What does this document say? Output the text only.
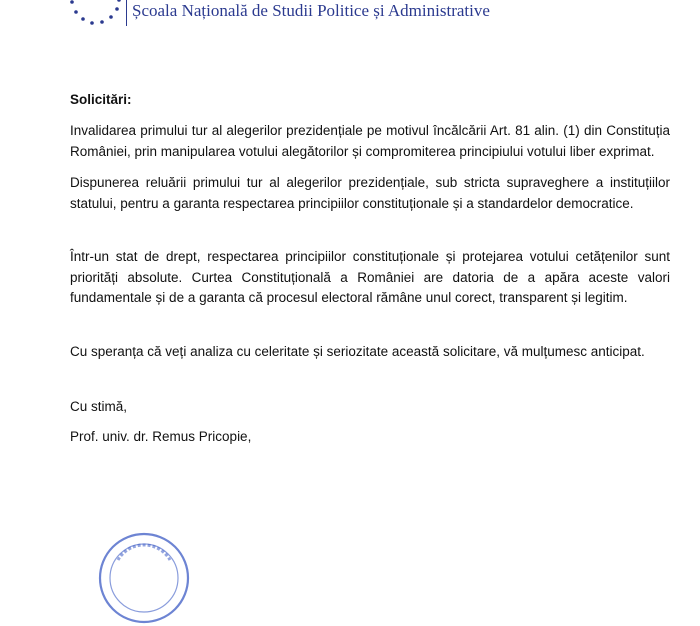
Școala Națională de Studii Politice și Administrative

Solicitări:

Invalidarea primului tur al alegerilor prezidențiale pe motivul încălcării Art. 81 alin. (1) din Constituția României, prin manipularea votului alegătorilor și compromiterea principiului votului liber exprimat.

Dispunerea reluării primului tur al alegerilor prezidențiale, sub stricta supraveghere a instituțiilor statului, pentru a garanta respectarea principiilor constituționale și a standardelor democratice.

Într-un stat de drept, respectarea principiilor constituționale și protejarea votului cetățenilor sunt priorități absolute. Curtea Constituțională a României are datoria de a apăra aceste valori fundamentale și de a garanta că procesul electoral rămâne unul corect, transparent și legitim.

Cu speranța că veți analiza cu celeritate și seriozitate această solicitare, vă mulțumesc anticipat.

Cu stimă,

Prof. univ. dr. Remus Pricopie,
